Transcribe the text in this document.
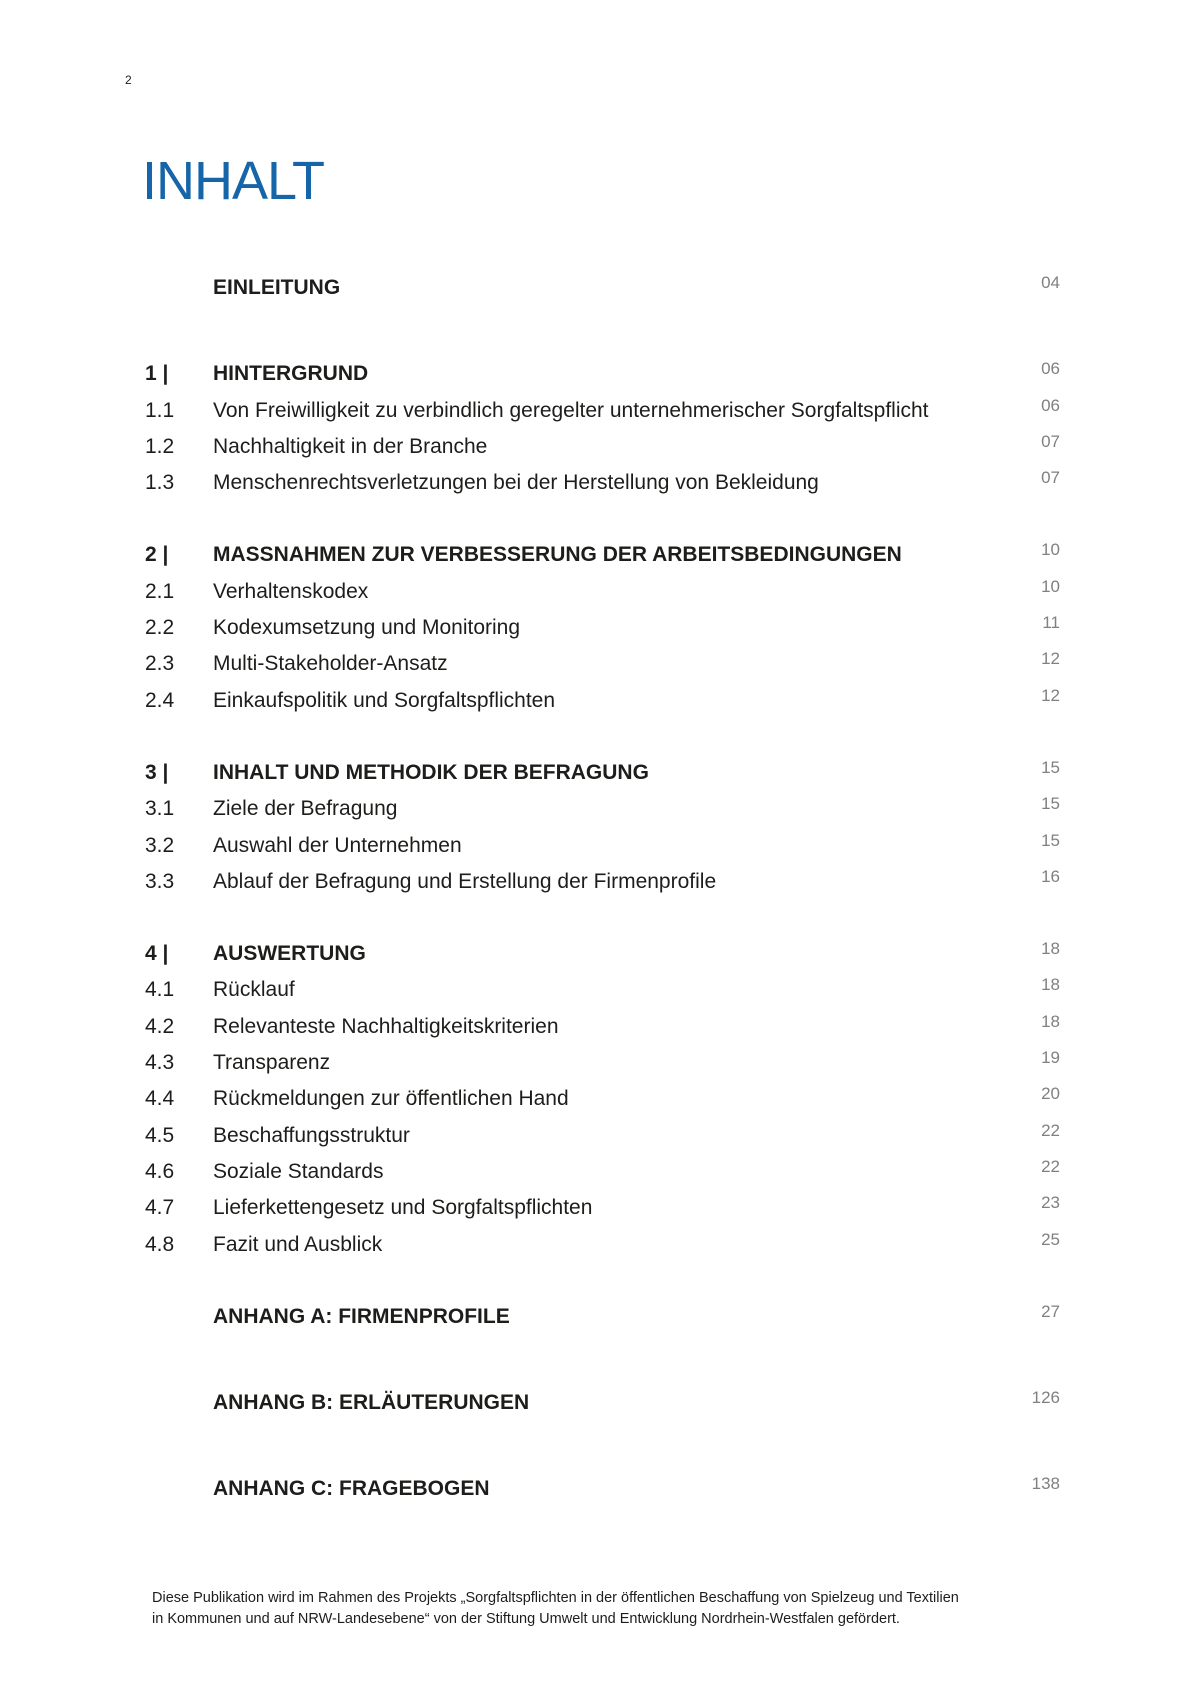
2
INHALT
EINLEITUNG	04
1 | HINTERGRUND	06
1.1 Von Freiwilligkeit zu verbindlich geregelter unternehmerischer Sorgfaltspflicht	06
1.2 Nachhaltigkeit in der Branche	07
1.3 Menschenrechtsverletzungen bei der Herstellung von Bekleidung	07
2 | MASSNAHMEN ZUR VERBESSERUNG DER ARBEITSBEDINGUNGEN	10
2.1 Verhaltenskodex	10
2.2 Kodexumsetzung und Monitoring	11
2.3 Multi-Stakeholder-Ansatz	12
2.4 Einkaufspolitik und Sorgfaltspflichten	12
3 | INHALT UND METHODIK DER BEFRAGUNG	15
3.1 Ziele der Befragung	15
3.2 Auswahl der Unternehmen	15
3.3 Ablauf der Befragung und Erstellung der Firmenprofile	16
4 | AUSWERTUNG	18
4.1 Rücklauf	18
4.2 Relevanteste Nachhaltigkeitskriterien	18
4.3 Transparenz	19
4.4 Rückmeldungen zur öffentlichen Hand	20
4.5 Beschaffungsstruktur	22
4.6 Soziale Standards	22
4.7 Lieferkettengesetz und Sorgfaltspflichten	23
4.8 Fazit und Ausblick	25
ANHANG A: FIRMENPROFILE	27
ANHANG B: ERLÄUTERUNGEN	126
ANHANG C: FRAGEBOGEN	138

Diese Publikation wird im Rahmen des Projekts „Sorgfaltspflichten in der öffentlichen Beschaffung von Spielzeug und Textilien

in Kommunen und auf NRW-Landesebene“ von der Stiftung Umwelt und Entwicklung Nordrhein-Westfalen gefördert.
